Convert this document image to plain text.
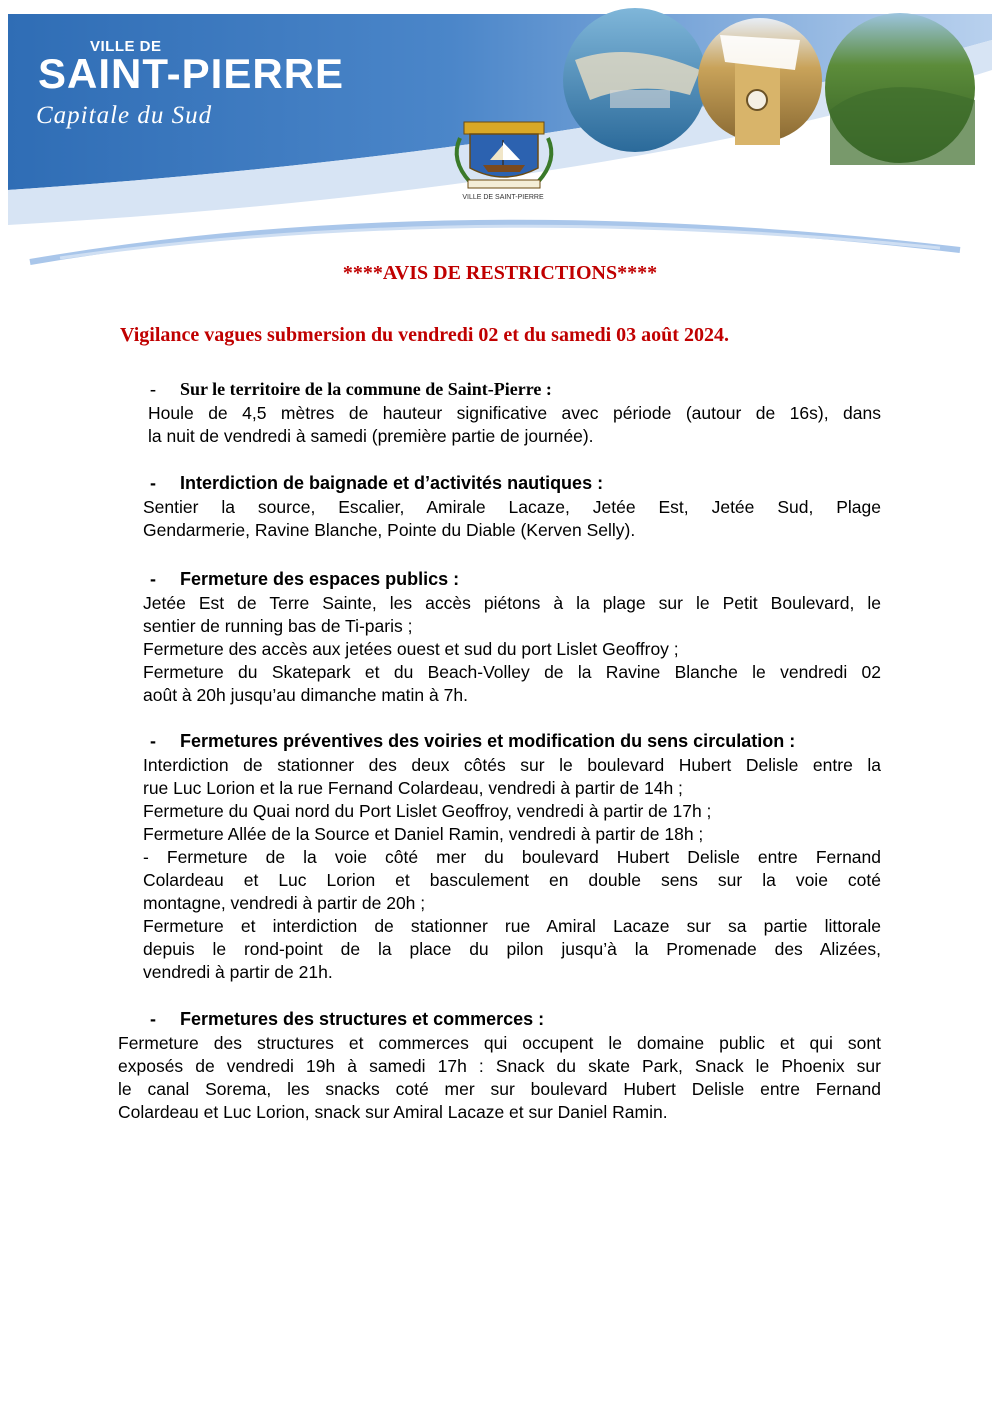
VILLE DE
SAINT-PIERRE
Capitale du Sud
VILLE DE SAINT-PIERRE
****AVIS DE RESTRICTIONS****
Vigilance vagues submersion du vendredi 02 et du samedi 03 août 2024.
- Sur le territoire de la commune de Saint-Pierre :
Houle de 4,5 mètres de hauteur significative avec période (autour de 16s), dans
la nuit de vendredi à samedi (première partie de journée).
- Interdiction de baignade et d’activités nautiques :
Sentier la source, Escalier, Amirale Lacaze, Jetée Est, Jetée Sud, Plage
Gendarmerie, Ravine Blanche, Pointe du Diable (Kerven Selly).
- Fermeture des espaces publics :
Jetée Est de Terre Sainte, les accès piétons à la plage sur le Petit Boulevard, le
sentier de running bas de Ti-paris ;
Fermeture des accès aux jetées ouest et sud du port Lislet Geoffroy ;
Fermeture du Skatepark et du Beach-Volley de la Ravine Blanche le vendredi 02
août à 20h jusqu’au dimanche matin à 7h.
- Fermetures préventives des voiries et modification du sens circulation :
Interdiction de stationner des deux côtés sur le boulevard Hubert Delisle entre la
rue Luc Lorion et la rue Fernand Colardeau, vendredi à partir de 14h ;
Fermeture du Quai nord du Port Lislet Geoffroy, vendredi à partir de 17h ;
Fermeture Allée de la Source et Daniel Ramin, vendredi à partir de 18h ;
- Fermeture de la voie côté mer du boulevard Hubert Delisle entre Fernand
Colardeau et Luc Lorion et basculement en double sens sur la voie coté
montagne, vendredi à partir de 20h ;
Fermeture et interdiction de stationner rue Amiral Lacaze sur sa partie littorale
depuis le rond-point de la place du pilon jusqu’à la Promenade des Alizées,
vendredi à partir de 21h.
- Fermetures des structures et commerces :
Fermeture des structures et commerces qui occupent le domaine public et qui sont
exposés de vendredi 19h à samedi 17h : Snack du skate Park, Snack le Phoenix sur
le canal Sorema, les snacks coté mer sur boulevard Hubert Delisle entre Fernand
Colardeau et Luc Lorion, snack sur Amiral Lacaze et sur Daniel Ramin.
